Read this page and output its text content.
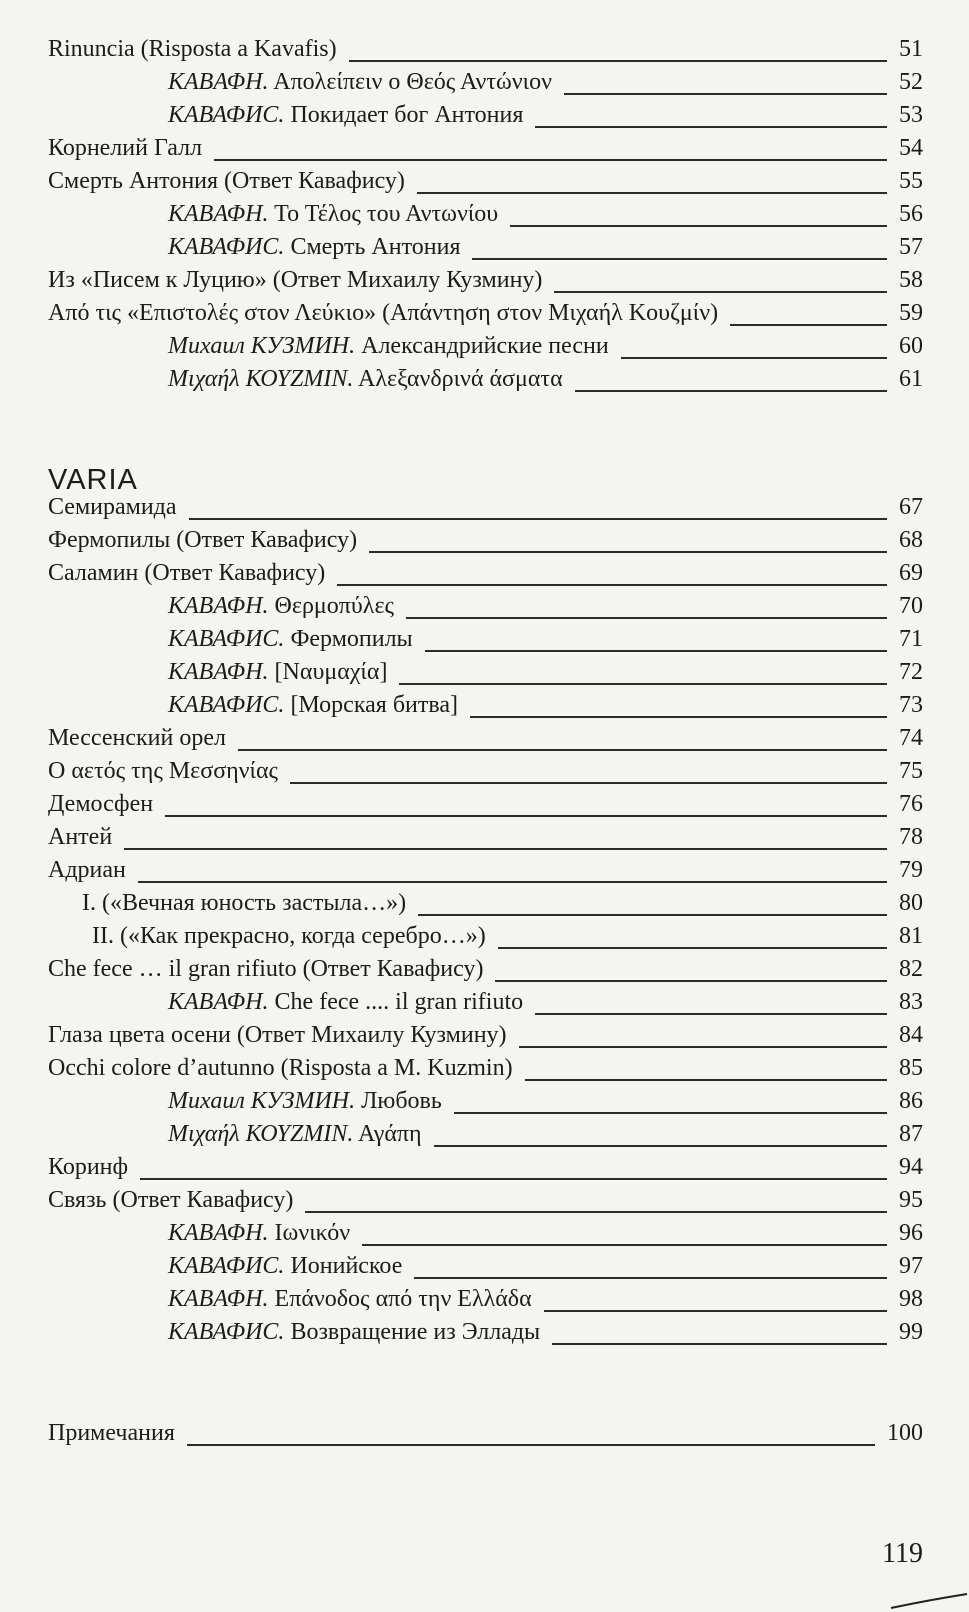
VARIA
Rinuncia (Risposta a Kavafis)	51
ΚΑΒΑΦΗ. Απολείπειν ο Θεός Αντώνιον	52
КАВАФИС. Покидает бог Антония	53
Корнелий Галл	54
Смерть Антония (Ответ Кавафису)	55
ΚΑΒΑΦΗ. Το Τέλος του Αντωνίου	56
КАВАФИС. Смерть Антония	57
Из «Писем к Луцию» (Ответ Михаилу Кузмину)	58
Από τις «Επιστολές στον Λεύκιο» (Απάντηση στον Μιχαήλ Κουζμίν)	59
Михаил КУЗМИН. Александрийские песни	60
Μιχαήλ ΚΟΥΖΜΙΝ. Αλεξανδρινά άσματα	61
Семирамида	67
Фермопилы (Ответ Кавафису)	68
Саламин (Ответ Кавафису)	69
ΚΑΒΑΦΗ. Θερμοπύλες	70
КАВАФИС. Фермопилы	71
ΚΑΒΑΦΗ. [Ναυμαχία]	72
КАВАФИС. [Морская битва]	73
Мессенский орел	74
Ο αετός της Μεσσηνίας	75
Демосфен	76
Антей	78
Адриан	79
I. («Вечная юность застыла…»)	80
II. («Как прекрасно, когда серебро…»)	81
Che fece … il gran rifiuto (Ответ Кавафису)	82
ΚΑΒΑΦΗ. Che fece .... il gran rifiuto	83
Глаза цвета осени (Ответ Михаилу Кузмину)	84
Occhi colore d’autunno (Risposta a M. Kuzmin)	85
Михаил КУЗМИН. Любовь	86
Μιχαήλ ΚΟΥΖΜΙΝ. Αγάπη	87
Коринф	94
Связь (Ответ Кавафису)	95
ΚΑΒΑΦΗ. Ιωνικόν	96
КАВАФИС. Ионийское	97
ΚΑΒΑΦΗ. Επάνοδος από την Ελλάδα	98
КАВАФИС. Возвращение из Эллады	99
Примечания	100
119
